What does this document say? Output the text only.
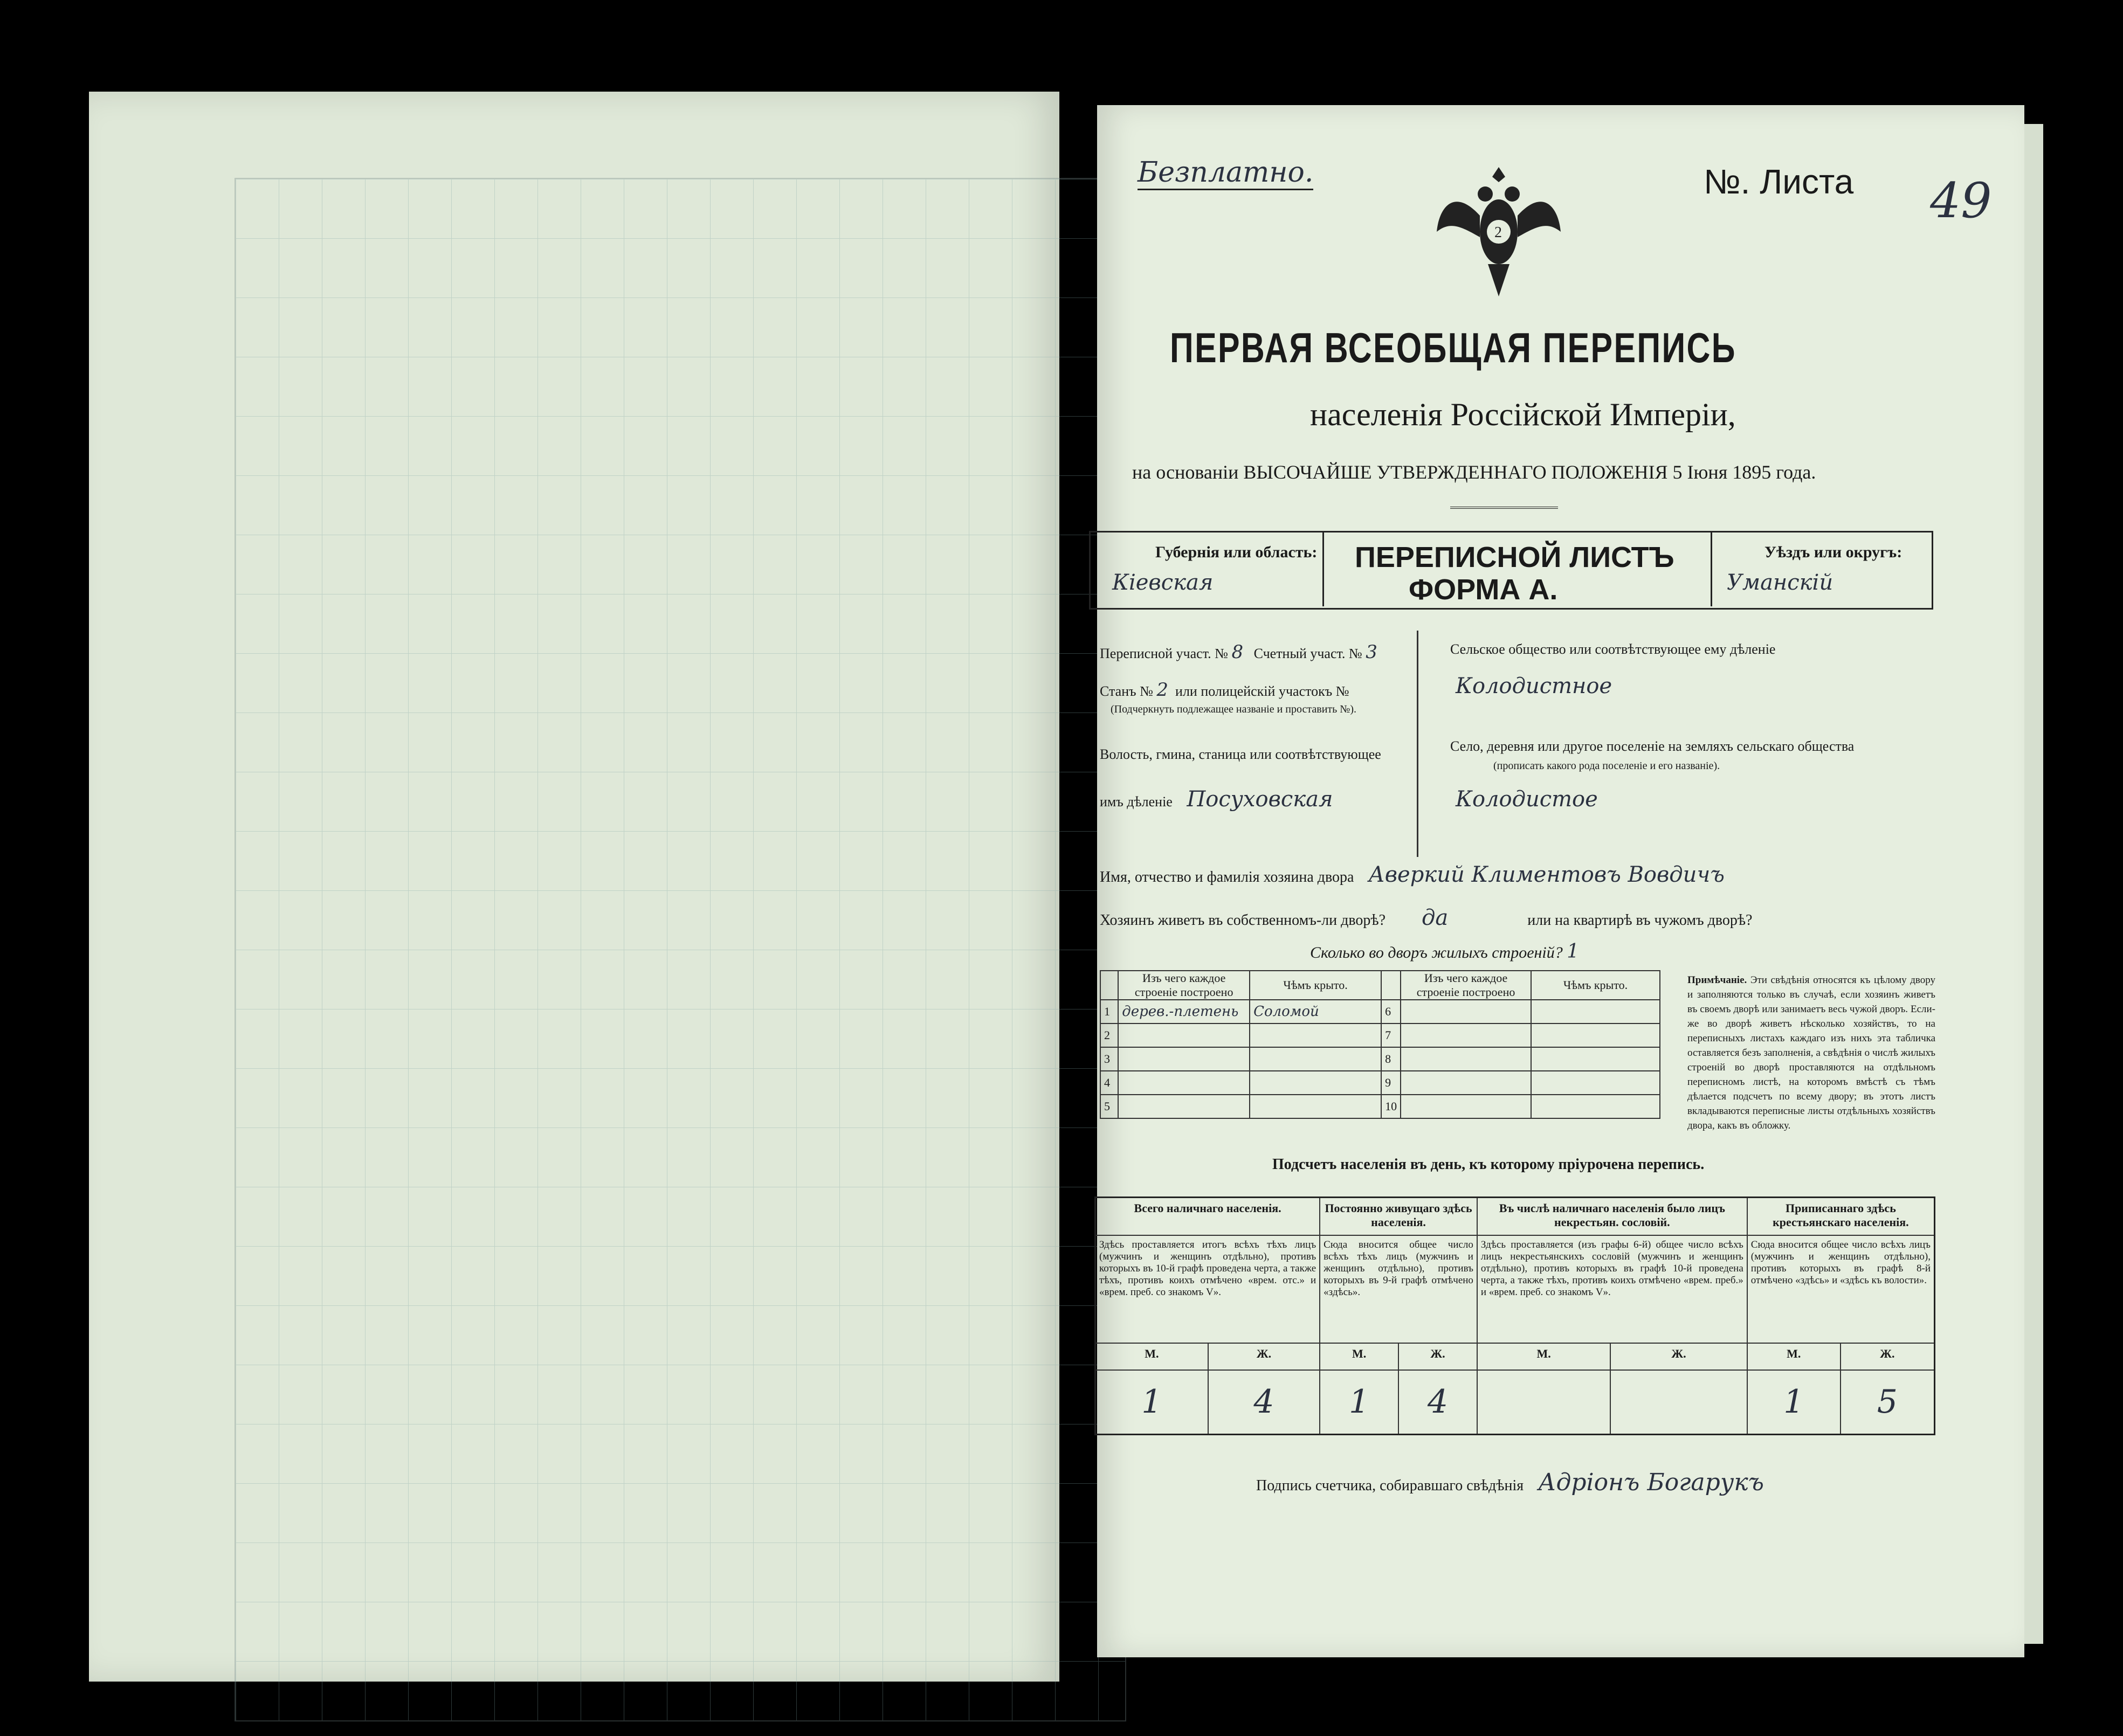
Безплатно.
2
№. Листа 49
ПЕРВАЯ ВСЕОБЩАЯ ПЕРЕПИСЬ
населенія Россійской Имперіи,
на основаніи ВЫСОЧАЙШЕ УТВЕРЖДЕННАГО ПОЛОЖЕНІЯ 5 Іюня 1895 года.
Губернія или область:
Кіевская
ПЕРЕПИСНОЙ ЛИСТЪ
ФОРМА А.
Уѣздъ или округъ:
Уманскій
Переписной участ. № 8 Счетный участ. № 3
Станъ № 2 или полицейскій участокъ №
(Подчеркнуть подлежащее названіе и проставить №).
Волость, гмина, станица или соотвѣтствующее
имъ дѣленіе Посуховская
Сельское общество или соотвѣтствующее ему дѣленіе
Колодистное
Село, деревня или другое поселеніе на земляхъ сельскаго общества
(прописать какого рода поселеніе и его названіе).
Колодистое
Имя, отчество и фамилія хозяина двора Аверкий Климентовъ Вовдичъ
Хозяинъ живетъ въ собственномъ-ли дворѣ? да	или на квартирѣ въ чужомъ дворѣ?
Сколько во дворъ жилыхъ строеній? 1
	Изъ чего каждое строеніе построено	Чѣмъ крыто.		Изъ чего каждое строеніе построено	Чѣмъ крыто.
1	дерев.-плетень	Соломой	6		
2			7		
3			8		
4			9		
5			10		
Примѣчаніе. Эти свѣдѣнія относятся къ цѣлому двору и заполняются только въ случаѣ, если хозяинъ живетъ въ своемъ дворѣ или занимаетъ весь чужой дворъ. Если-же во дворѣ живетъ нѣсколько хозяйствъ, то на переписныхъ листахъ каждаго изъ нихъ эта табличка оставляется безъ заполненія, а свѣдѣнія о числѣ жилыхъ строеній во дворѣ проставляются на отдѣльномъ переписномъ листѣ, на которомъ вмѣстѣ съ тѣмъ дѣлается подсчетъ по всему двору; въ этотъ листъ вкладываются переписные листы отдѣльныхъ хозяйствъ двора, какъ въ обложку.
Подсчетъ населенія въ день, къ которому пріурочена перепись.
Всего наличнаго населенія.		Постоянно живущаго здѣсь населенія.		Въ числѣ наличнаго населенія было лицъ некрестьян. сословій.		Приписаннаго здѣсь крестьянскаго населенія.	
Здѣсь проставляется итогъ всѣхъ тѣхъ лицъ (мужчинъ и женщинъ отдѣльно), противъ которыхъ въ 10-й графѣ проведена черта, а также тѣхъ, противъ коихъ отмѣчено «врем. отс.» и «врем. преб. со знакомъ V».		Сюда вносится общее число всѣхъ тѣхъ лицъ (мужчинъ и женщинъ отдѣльно), противъ которыхъ въ 9-й графѣ отмѣчено «здѣсь».		Здѣсь проставляется (изъ графы 6-й) общее число всѣхъ лицъ некрестьянскихъ сословій (мужчинъ и женщинъ отдѣльно), противъ которыхъ въ графѣ 10-й проведена черта, а также тѣхъ, противъ коихъ отмѣчено «врем. преб.» и «врем. преб. со знакомъ V».		Сюда вносится общее число всѣхъ лицъ (мужчинъ и женщинъ отдѣльно), противъ которыхъ въ графѣ 8-й отмѣчено «здѣсь» и «здѣсь къ волости».	
М.	Ж.	М.	Ж.	М.	Ж.	М.	Ж.
1	4	1	4			1	5
Подпись счетчика, собиравшаго свѣдѣнія Адріонъ Богарукъ
